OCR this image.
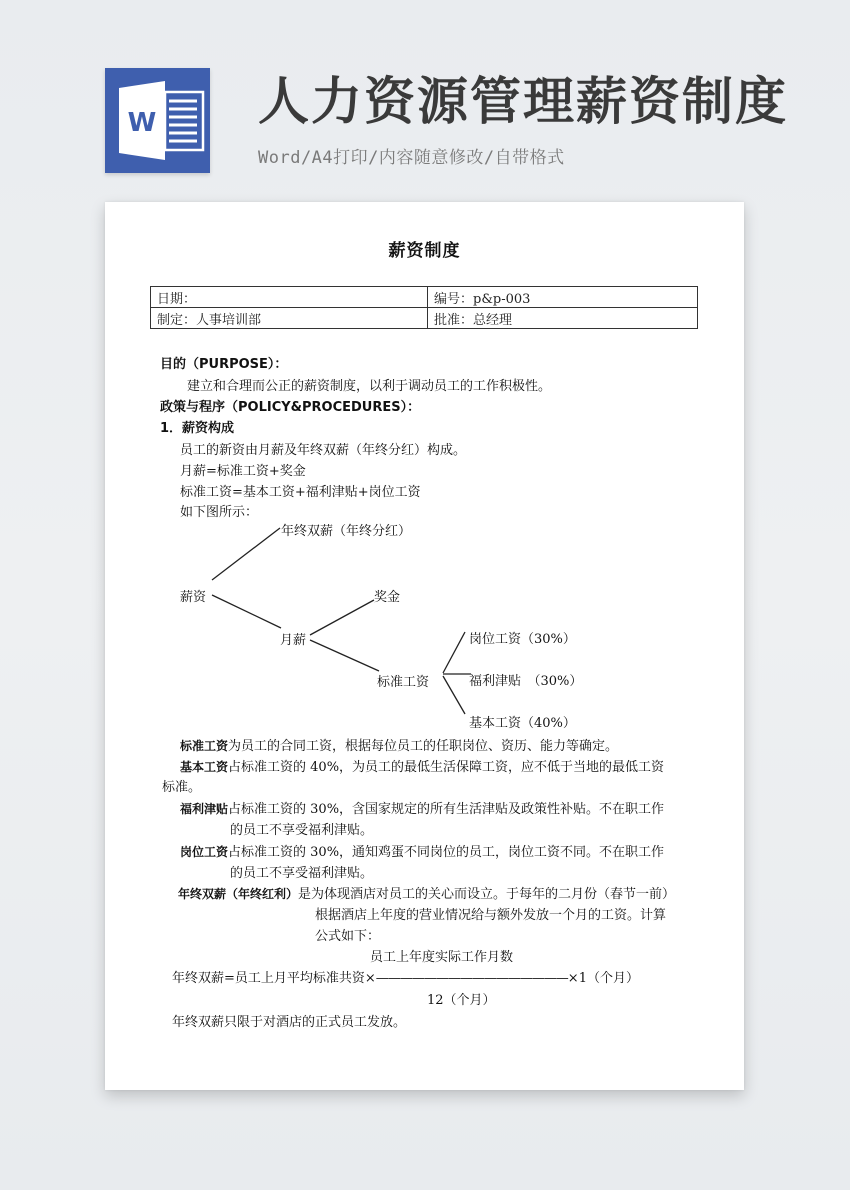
W 人力资源管理薪资制度
Word/A4打印/内容随意修改/自带格式
薪资制度
日期：	编号：p&p-003
制定：人事培训部	批准：总经理
目的（PURPOSE）：
建立和合理而公正的薪资制度，以利于调动员工的工作积极性。
政策与程序（POLICY&PROCEDURES）：
1．薪资构成
员工的新资由月薪及年终双薪（年终分红）构成。
月薪=标准工资+奖金
标准工资=基本工资+福利津贴+岗位工资
如下图所示：
年终双薪（年终分红）
薪资	奖金
月薪
标准工资
岗位工资（30%）
福利津贴　（30%）
基本工资（40%）
标准工资为员工的合同工资，根据每位员工的任职岗位、资历、能力等确定。
基本工资占标准工资的 40%，为员工的最低生活保障工资，应不低于当地的最低工资
标准。
福利津贴占标准工资的 30%，含国家规定的所有生活津贴及政策性补贴。不在职工作
的员工不享受福利津贴。
岗位工资占标准工资的 30%，通知鸡蛋不同岗位的员工，岗位工资不同。不在职工作
的员工不享受福利津贴。
年终双薪（年终红利）是为体现酒店对员工的关心而设立。于每年的二月份（春节一前）
根据酒店上年度的营业情况给与额外发放一个月的工资。计算
公式如下：
员工上年度实际工作月数
年终双薪=员工上月平均标准共资×————————————————×1（个月）
12（个月）
年终双薪只限于对酒店的正式员工发放。
